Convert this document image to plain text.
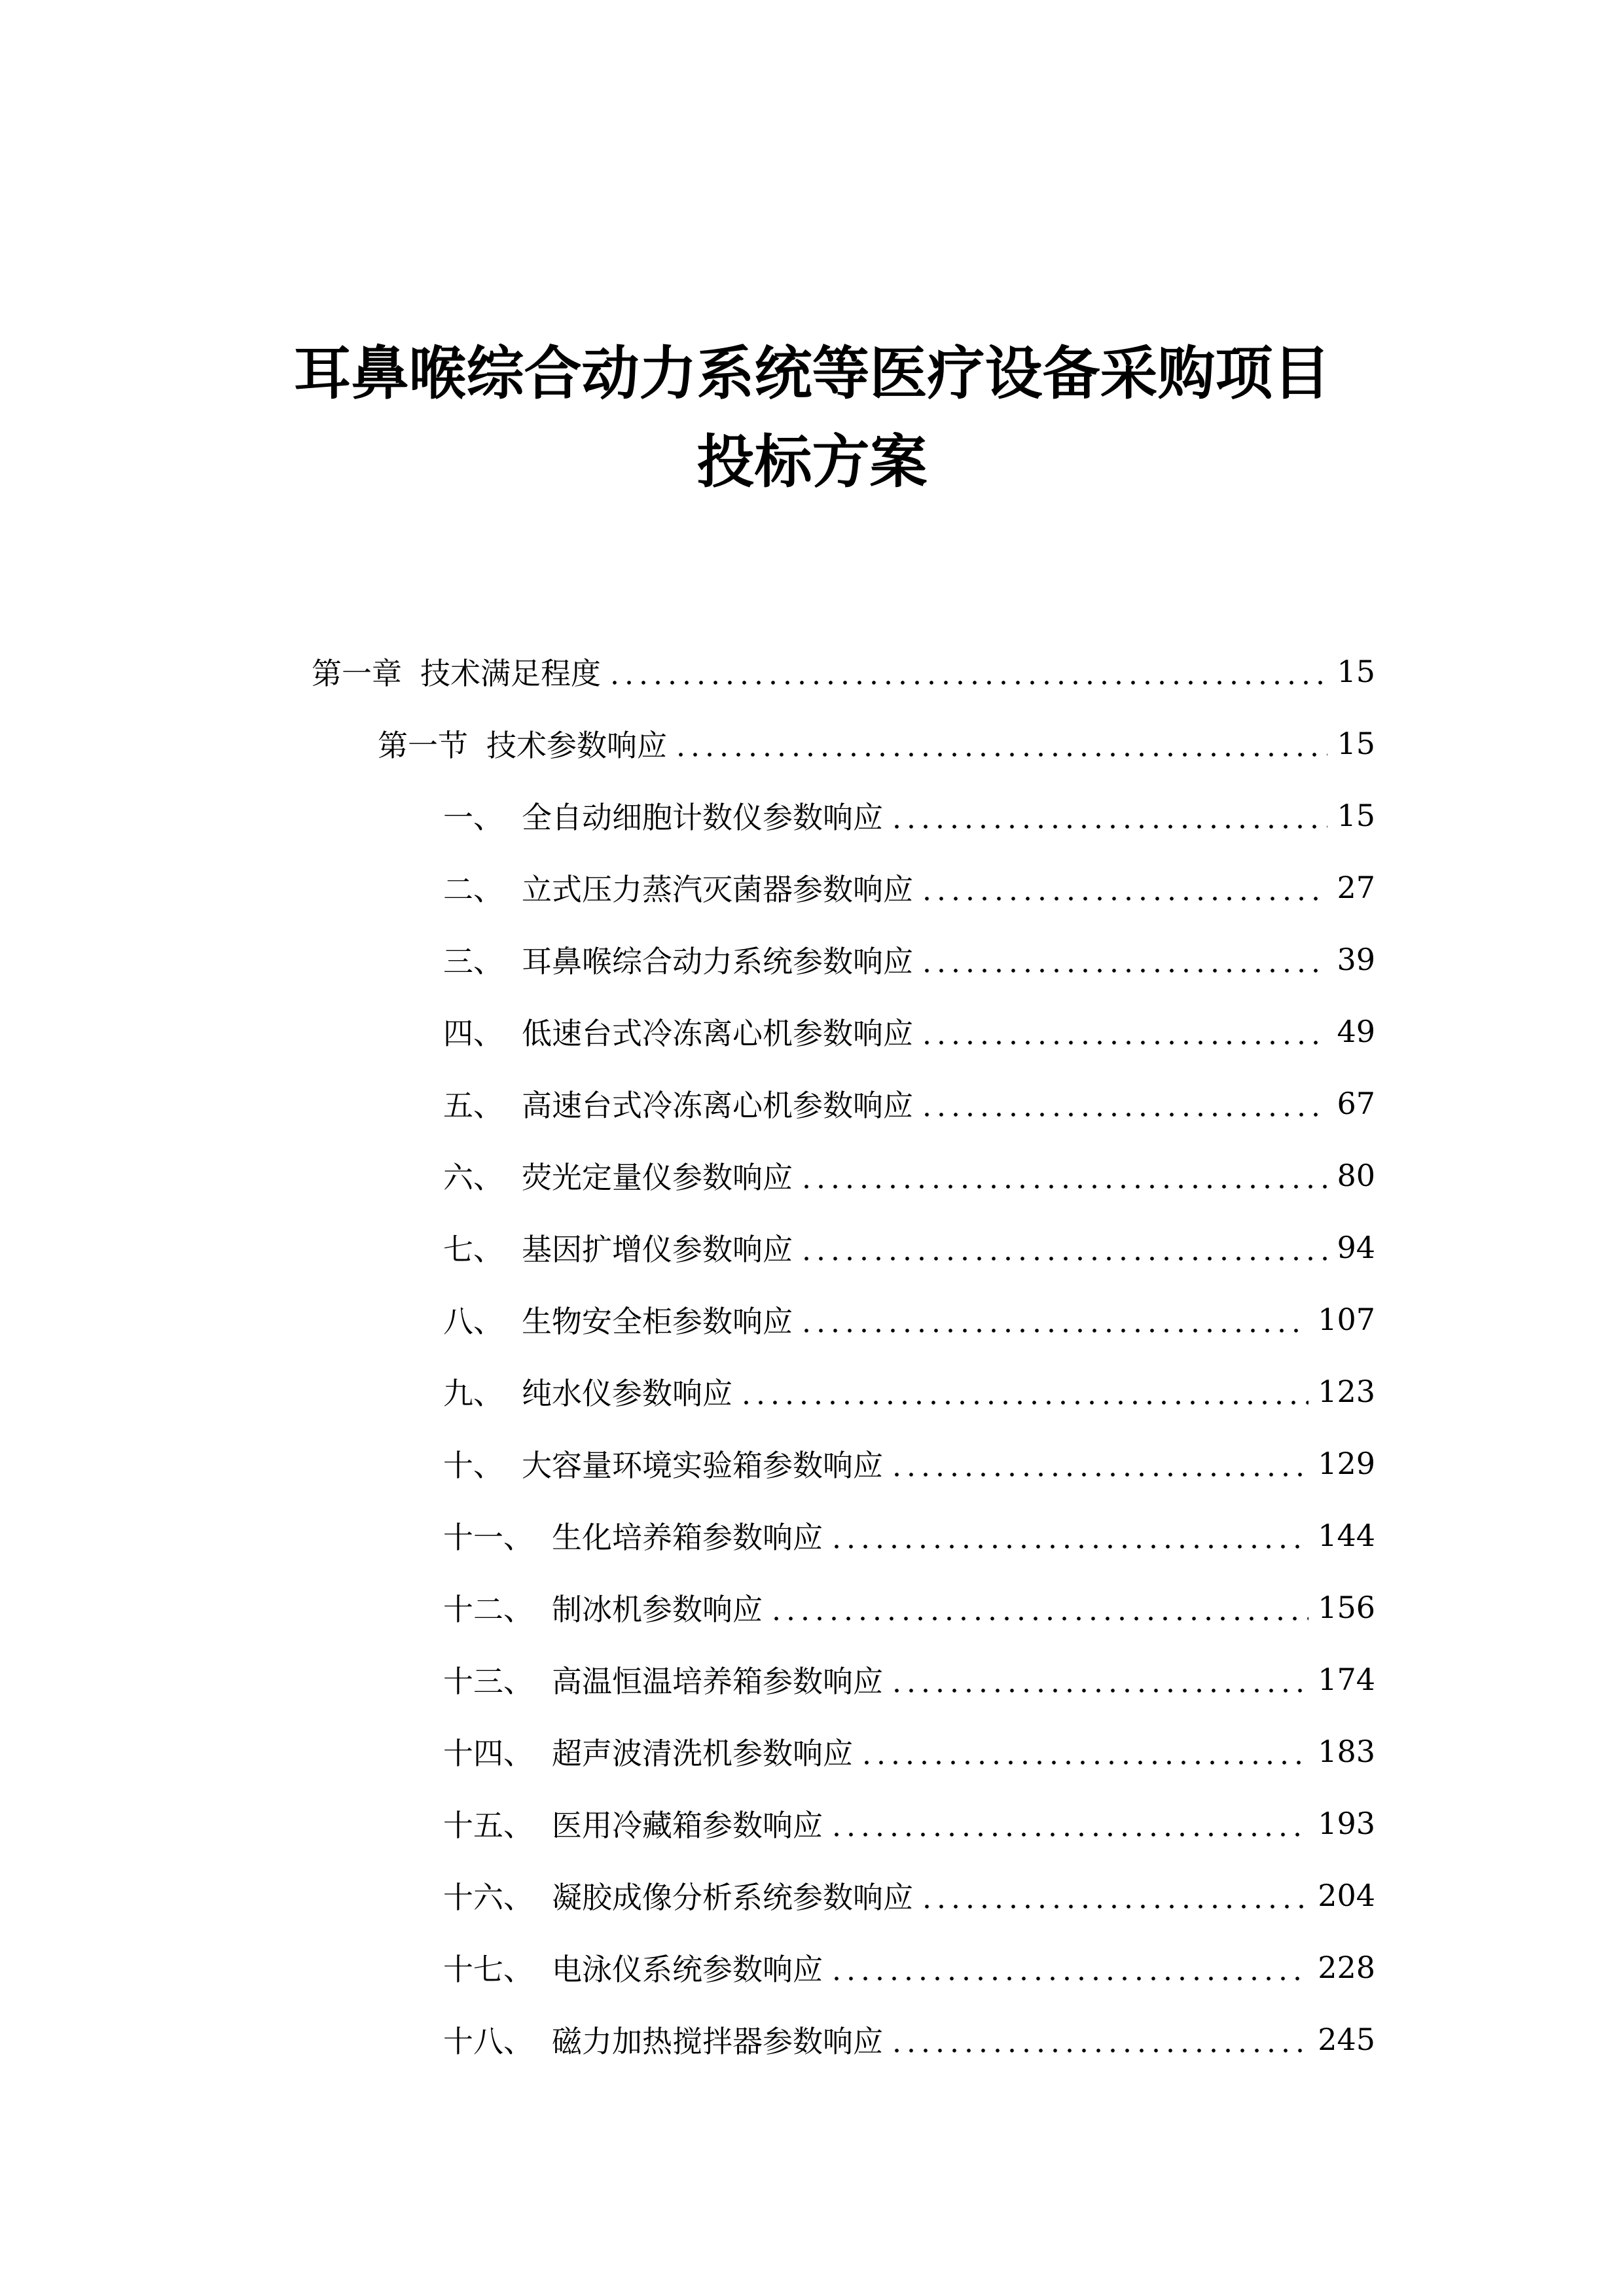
耳鼻喉综合动力系统等医疗设备采购项目
投标方案
第一章 技术满足程度	15
第一节 技术参数响应	15
一、 全自动细胞计数仪参数响应	15
二、 立式压力蒸汽灭菌器参数响应	27
三、 耳鼻喉综合动力系统参数响应	39
四、 低速台式冷冻离心机参数响应	49
五、 高速台式冷冻离心机参数响应	67
六、 荧光定量仪参数响应	80
七、 基因扩增仪参数响应	94
八、 生物安全柜参数响应	107
九、 纯水仪参数响应	123
十、 大容量环境实验箱参数响应	129
十一、 生化培养箱参数响应	144
十二、 制冰机参数响应	156
十三、 高温恒温培养箱参数响应	174
十四、 超声波清洗机参数响应	183
十五、 医用冷藏箱参数响应	193
十六、 凝胶成像分析系统参数响应	204
十七、 电泳仪系统参数响应	228
十八、 磁力加热搅拌器参数响应	245
